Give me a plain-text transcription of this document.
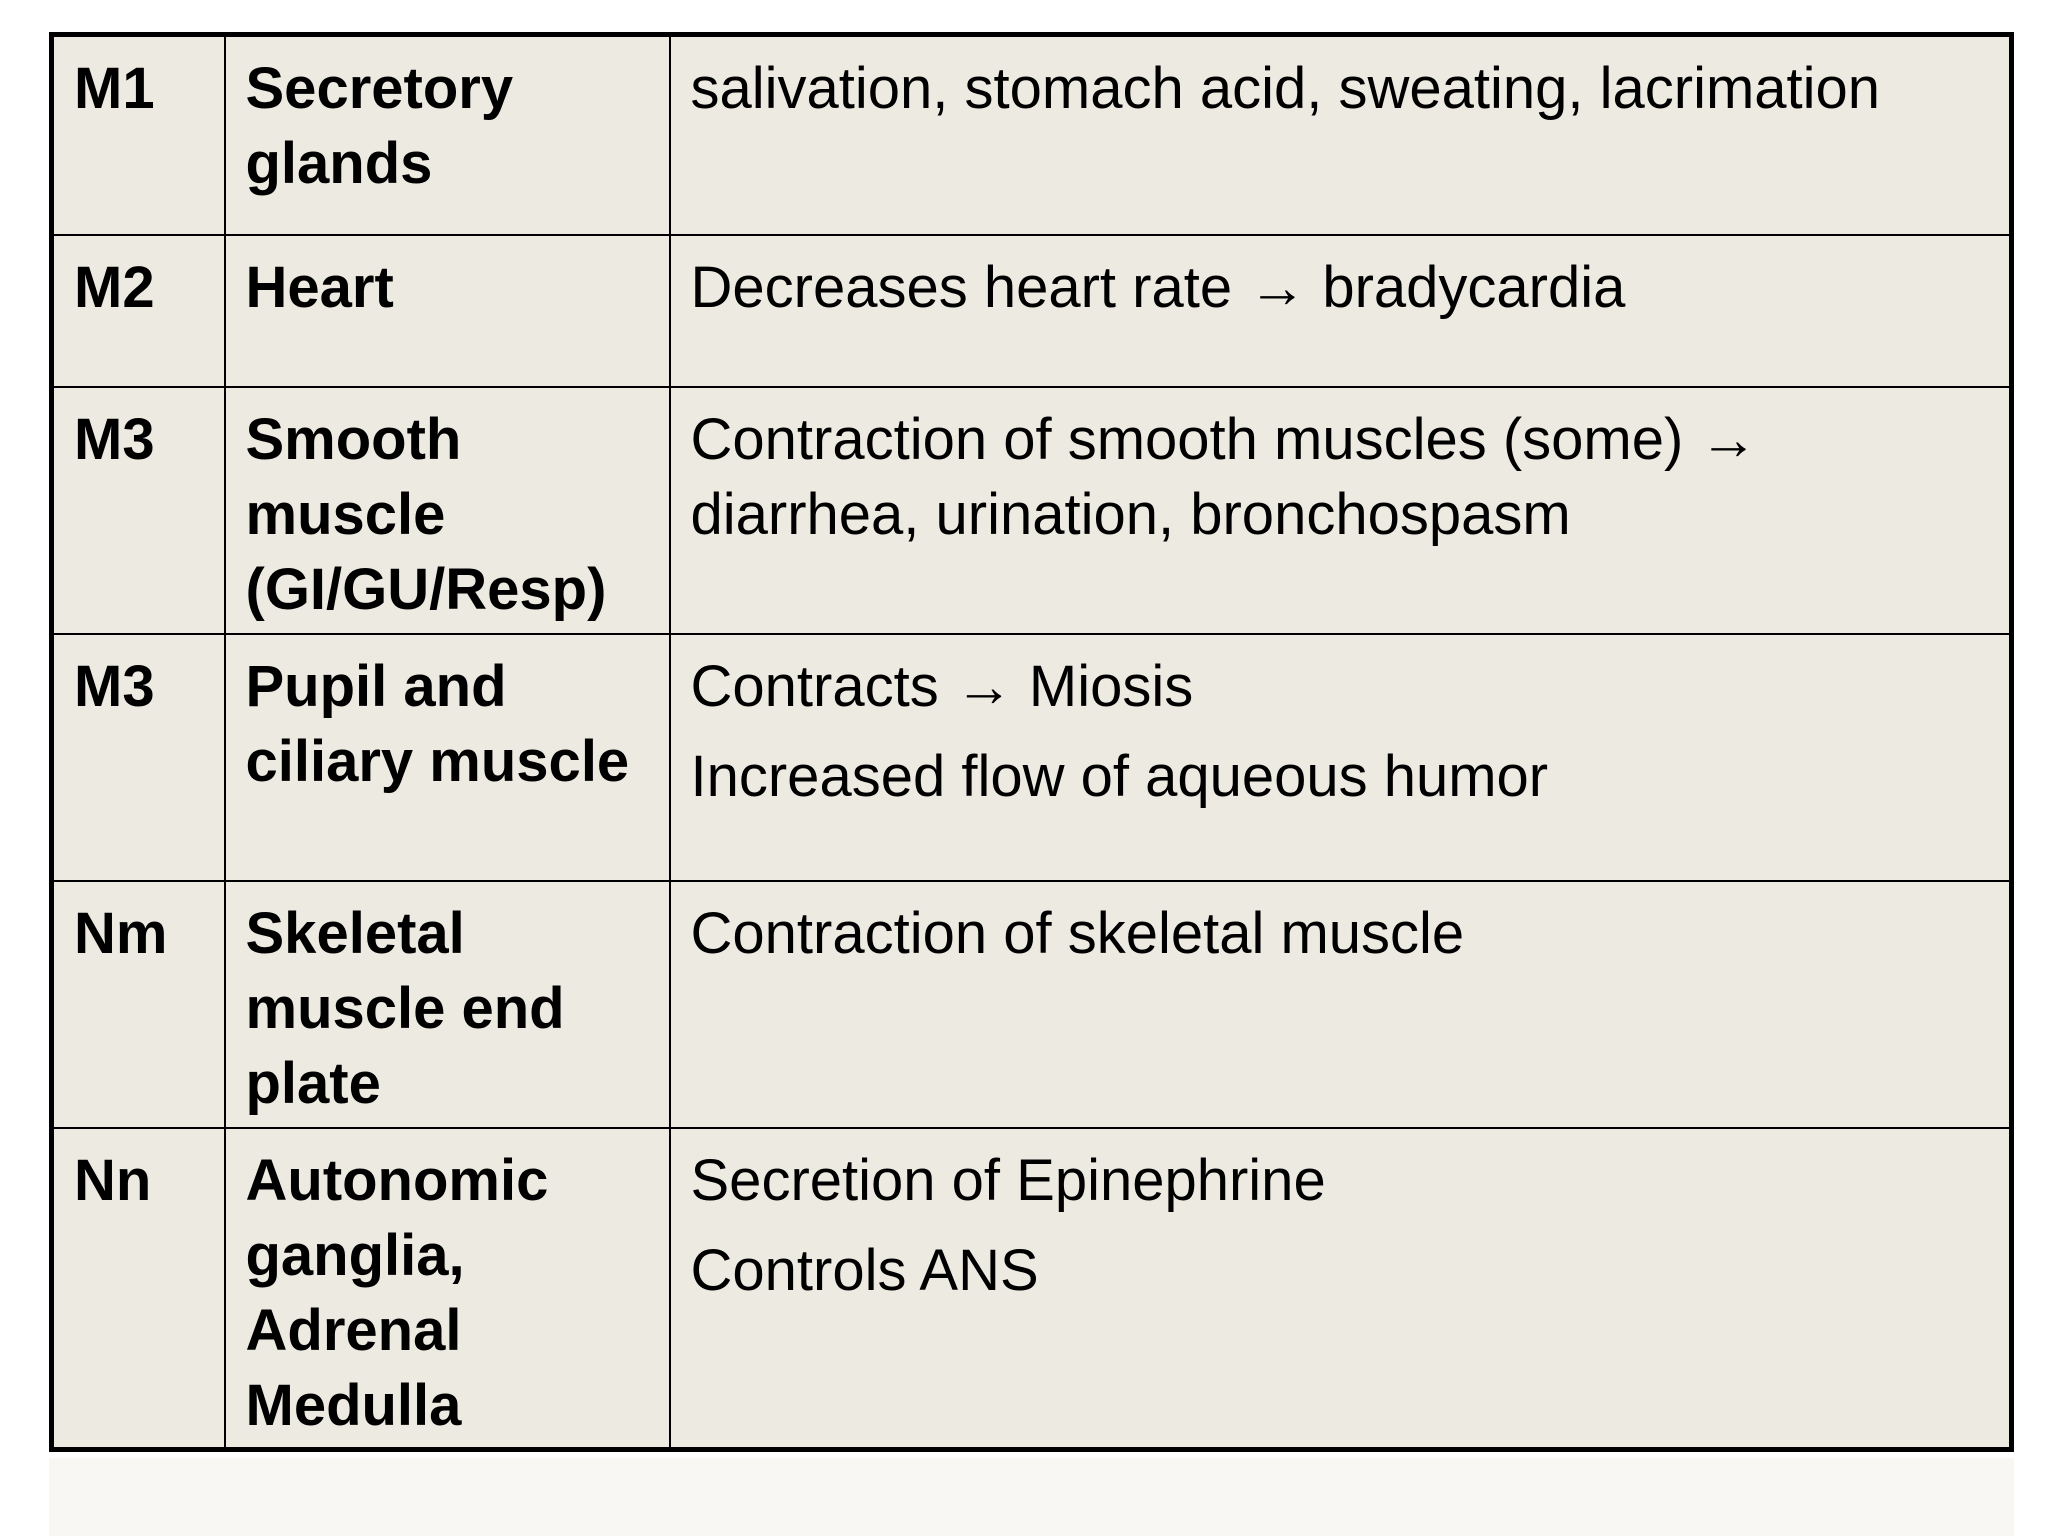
M1	Secretory glands	salivation, stomach acid, sweating, lacrimation

M2	Heart	Decreases heart rate → bradycardia

M3	Smooth muscle (GI/GU/Resp)	Contraction of smooth muscles (some) → diarrhea, urination, bronchospasm

M3	Pupil and ciliary muscle	Contracts → Miosis
Increased flow of aqueous humor

Nm	Skeletal muscle end plate	Contraction of skeletal muscle

Nn	Autonomic ganglia, Adrenal Medulla	Secretion of Epinephrine
Controls ANS
